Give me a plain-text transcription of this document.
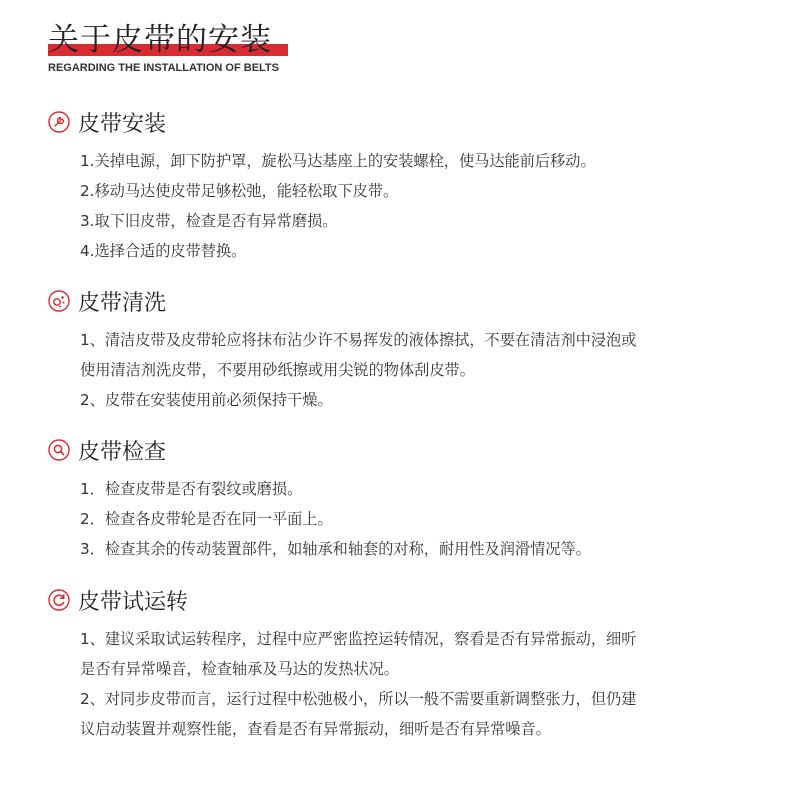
关于皮带的安装
REGARDING THE INSTALLATION OF BELTS
皮带安装
1.关掉电源，卸下防护罩，旋松马达基座上的安装螺栓，使马达能前后移动。
2.移动马达使皮带足够松弛，能轻松取下皮带。
3.取下旧皮带，检查是否有异常磨损。
4.选择合适的皮带替换。
皮带清洗
1、清洁皮带及皮带轮应将抹布沾少许不易挥发的液体擦拭，不要在清洁剂中浸泡或
使用清洁剂洗皮带，不要用砂纸擦或用尖锐的物体刮皮带。
2、皮带在安装使用前必须保持干燥。
皮带检查
1．检查皮带是否有裂纹或磨损。
2．检查各皮带轮是否在同一平面上。
3．检查其余的传动装置部件，如轴承和轴套的对称，耐用性及润滑情况等。
皮带试运转
1、建议采取试运转程序，过程中应严密监控运转情况，察看是否有异常振动，细听
是否有异常噪音，检查轴承及马达的发热状况。
2、对同步皮带而言，运行过程中松弛极小，所以一般不需要重新调整张力，但仍建
议启动装置并观察性能，查看是否有异常振动，细听是否有异常噪音。
